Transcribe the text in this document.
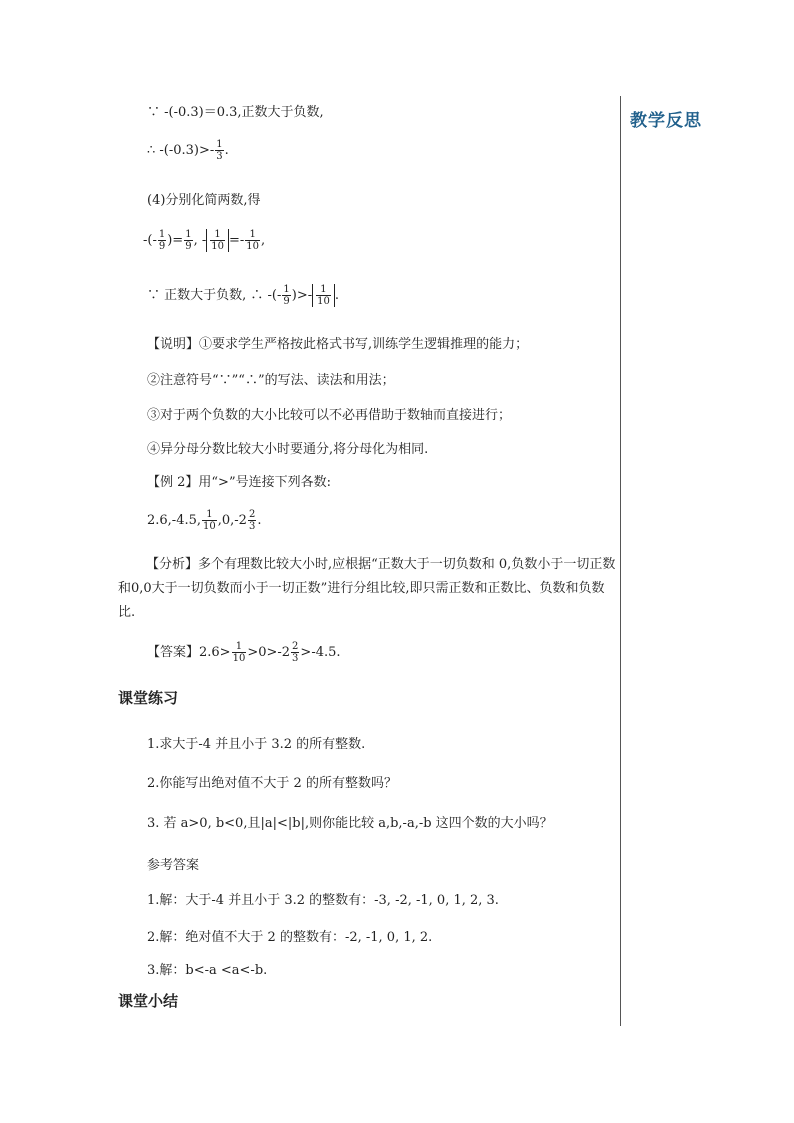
教学反思
∵ -(-0.3)＝0.3,正数大于负数,
∴ $-(-0.3)>- \frac{1}{3}$ .
(4)分别化简两数,得
-(- $\frac{1}{9}$ )= $\frac{1}{9}$ , - $\frac{1}{10} =- \frac{1}{10}$ ,
∵ 正数大于负数, ∴ -(- $\frac{1}{9}$ )>- $\frac{1}{10}$ .
【说明】①要求学生严格按此格式书写,训练学生逻辑推理的能力；
②注意符号“∵”“∴”的写法、读法和用法；
③对于两个负数的大小比较可以不必再借助于数轴而直接进行；
④异分母分数比较大小时要通分,将分母化为相同.
【例 2】用“>”号连接下列各数:
2.6,-4.5, $\frac{1}{10} ,0,-2 \frac{2}{3}$ .
【分析】多个有理数比较大小时,应根据“正数大于一切负数和 0,负数小于一切正数和0,0大于一切负数而小于一切正数”进行分组比较,即只需正数和正数比、负数和负数比.
【答案】$2.6> \frac{1}{10} >0>-2 \frac{2}{3} >-4.5$.
课堂练习
1.求大于-4 并且小于 3.2 的所有整数.
2.你能写出绝对值不大于 2 的所有整数吗？
3. 若 a>0, b<0,且|a|<|b|,则你能比较 a,b,-a,-b 这四个数的大小吗？
参考答案
1.解：大于-4 并且小于 3.2 的整数有：-3, -2, -1, 0, 1, 2, 3.
2.解：绝对值不大于 2 的整数有：-2, -1, 0, 1, 2.
3.解：b<-a <a<-b.
课堂小结
